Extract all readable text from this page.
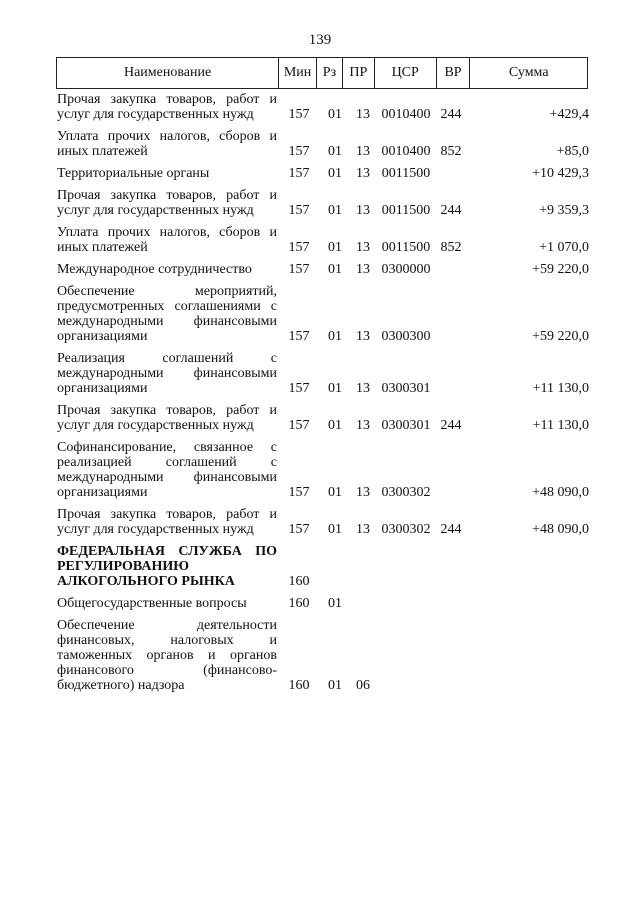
139
Наименование	Мин Рз ПР	ЦСР	ВР	Сумма
Прочая закупка товаров, работ и услуг для государственных нужд	157	01	13 0010400 244	+429,4
Уплата прочих налогов, сборов и иных платежей	157	01	13 0010400 852	+85,0
Территориальные органы	157	01	13 0011500	+10 429,3
Прочая закупка товаров, работ и услуг для государственных нужд	157	01	13 0011500 244	+9 359,3
Уплата прочих налогов, сборов и иных платежей	157	01	13 0011500 852	+1 070,0
Международное сотрудничество	157	01	13 0300000	+59 220,0
Обеспечение мероприятий, предусмотренных соглашениями с международными финансовыми организациями	157	01	13 0300300	+59 220,0
Реализация соглашений с международными финансовыми организациями	157	01	13 0300301	+11 130,0
Прочая закупка товаров, работ и услуг для государственных нужд	157	01	13 0300301 244	+11 130,0
Софинансирование, связанное с реализацией соглашений с международными финансовыми организациями	157	01	13 0300302	+48 090,0
Прочая закупка товаров, работ и услуг для государственных нужд	157	01	13 0300302 244	+48 090,0
ФЕДЕРАЛЬНАЯ СЛУЖБА ПО РЕГУЛИРОВАНИЮ АЛКОГОЛЬНОГО РЫНКА	160
Общегосударственные вопросы	160	01
Обеспечение деятельности финансовых, налоговых и таможенных органов и органов финансового (финансово-бюджетного) надзора	160	01	06
